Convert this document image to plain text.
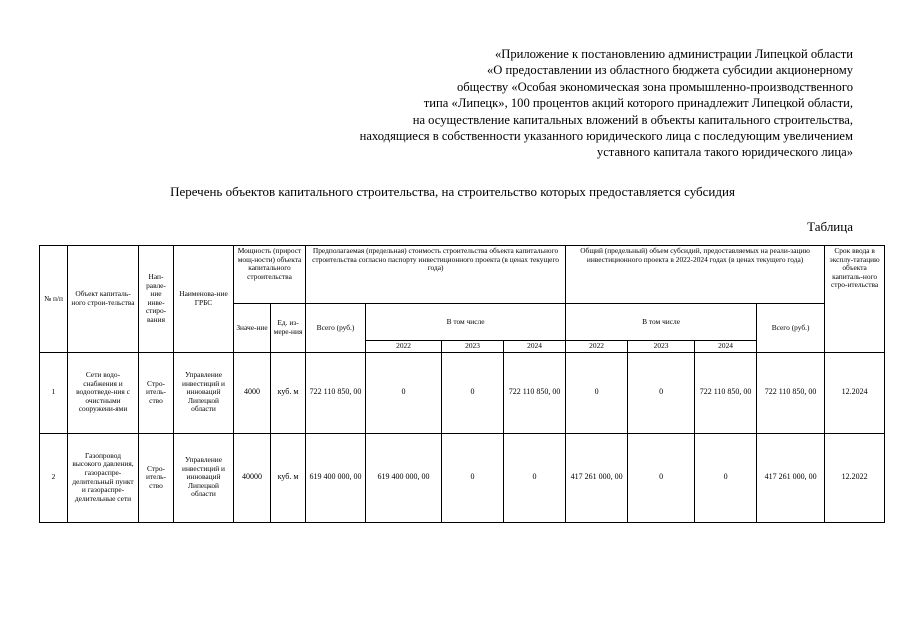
«Приложение к постановлению администрации Липецкой области
«О предоставлении из областного бюджета субсидии акционерному
обществу «Особая экономическая зона промышленно-производственного
типа «Липецк», 100 процентов акций которого принадлежит Липецкой области,
на осуществление капитальных вложений в объекты капитального строительства,
находящиеся в собственности указанного юридического лица с последующим увеличением
уставного капитала такого юридического лица»
Перечень объектов капитального строительства, на строительство которых предоставляется субсидия
Таблица
№ п/п	Объект капиталь-ного строи-тельства	Нап-равле-ние инве-стиро-вания	Наименова-ние ГРБС	Мощность (прирост мощ-ности) объекта капитального строительства		Предполагаемая (предельная) стоимость строительства объекта капитального строительства согласно паспорту инвестиционного проекта (в ценах текущего года)				Общий (предельный) объем субсидий, предоставляемых на реали-зацию инвестиционного проекта в 2022-2024 годах (в ценах текущего года)				Срок ввода в эксплу-татацию объекта капиталь-ного стро-ительства
				Значе-ние	Ед. из-мере-ния	Всего (руб.)	В том числе			В том числе			Всего (руб.)	
							2022	2023	2024	2022	2023	2024		
1	Сети водо-снабжения и водоотведе-ния с очистными сооружени-ями	Стро-итель-ство	Управление инвестиций и инноваций Липецкой области	4000	куб. м	722 110 850, 00	0	0	722 110 850, 00	0	0	722 110 850, 00	722 110 850, 00	12.2024
2	Газопровод высокого давления, газораспре-делительный пункт и газораспре-делительные сети	Стро-итель-ство	Управление инвестиций и инноваций Липецкой области	40000	куб. м	619 400 000, 00	619 400 000, 00	0	0	417 261 000, 00	0	0	417 261 000, 00	12.2022
